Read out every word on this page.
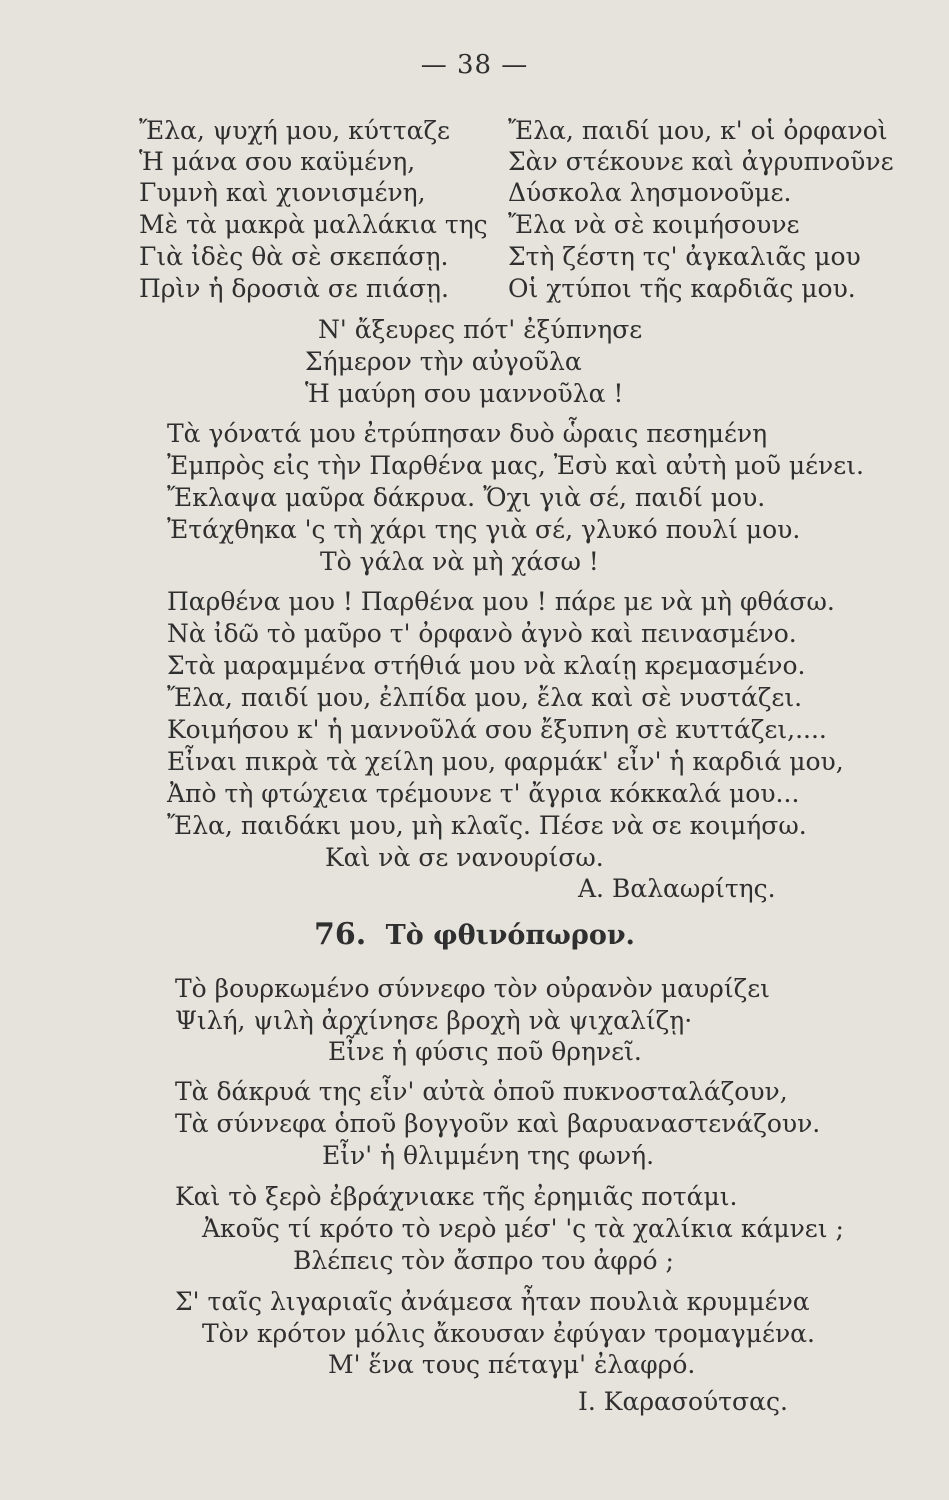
— 38 —
Ἔλα, ψυχή μου, κύτταζε
Ἡ μάνα σου καϋμένη,
Γυμνὴ καὶ χιονισμένη,
Μὲ τὰ μακρὰ μαλλάκια της
Γιὰ ἰδὲς θὰ σὲ σκεπάσῃ.
Πρὶν ἡ δροσιὰ σε πιάσῃ.
Ἔλα, παιδί μου, κ' οἱ ὀρφανοὶ
Σὰν στέκουνε καὶ ἀγρυπνοῦνε
Δύσκολα λησμονοῦμε.
Ἔλα νὰ σὲ κοιμήσουνε
Στὴ ζέστη τς' ἀγκαλιᾶς μου
Οἱ χτύποι τῆς καρδιᾶς μου.
Ν' ἄξευρες πότ' ἐξύπνησε
Σήμερον τὴν αὐγοῦλα
Ἡ μαύρη σου μαννοῦλα !
Τὰ γόνατά μου ἐτρύπησαν δυὸ ὧραις πεσημένη
Ἐμπρὸς εἰς τὴν Παρθένα μας, Ἐσὺ καὶ αὐτὴ μοῦ μένει.
Ἔκλαψα μαῦρα δάκρυα. Ὄχι γιὰ σέ, παιδί μου.
Ἐτάχθηκα 'ς τὴ χάρι της γιὰ σέ, γλυκό πουλί μου.
Τὸ γάλα νὰ μὴ χάσω !
Παρθένα μου ! Παρθένα μου ! πάρε με νὰ μὴ φθάσω.
Νὰ ἰδῶ τὸ μαῦρο τ' ὀρφανὸ ἀγνὸ καὶ πεινασμένο.
Στὰ μαραμμένα στήθιά μου νὰ κλαίῃ κρεμασμένο.
Ἔλα, παιδί μου, ἐλπίδα μου, ἔλα καὶ σὲ νυστάζει.
Κοιμήσου κ' ἡ μαννοῦλά σου ἔξυπνη σὲ κυττάζει,....
Εἶναι πικρὰ τὰ χείλη μου, φαρμάκ' εἶν' ἡ καρδιά μου,
Ἀπὸ τὴ φτώχεια τρέμουνε τ' ἄγρια κόκκαλά μου...
Ἔλα, παιδάκι μου, μὴ κλαῖς. Πέσε νὰ σε κοιμήσω.
Καὶ νὰ σε νανουρίσω.
Α. Βαλαωρίτης.
76. Τὸ φθινόπωρον.
Τὸ βουρκωμένο σύννεφο τὸν οὐρανὸν μαυρίζει
Ψιλή, ψιλὴ ἀρχίνησε βροχὴ νὰ ψιχαλίζῃ·
Εἶνε ἡ φύσις ποῦ θρηνεῖ.
Τὰ δάκρυά της εἶν' αὐτὰ ὁποῦ πυκνοσταλάζουν,
Τὰ σύννεφα ὁποῦ βογγοῦν καὶ βαρυαναστενάζουν.
Εἶν' ἡ θλιμμένη της φωνή.
Καὶ τὸ ξερὸ ἐβράχνιακε τῆς ἐρημιᾶς ποτάμι.
Ἀκοῦς τί κρότο τὸ νερὸ μέσ' 'ς τὰ χαλίκια κάμνει ;
Βλέπεις τὸν ἄσπρο του ἀφρό ;
Σ' ταῖς λιγαριαῖς ἀνάμεσα ἦταν πουλιὰ κρυμμένα
Τὸν κρότον μόλις ἄκουσαν ἐφύγαν τρομαγμένα.
Μ' ἕνα τους πέταγμ' ἐλαφρό.
Ι. Καρασούτσας.
